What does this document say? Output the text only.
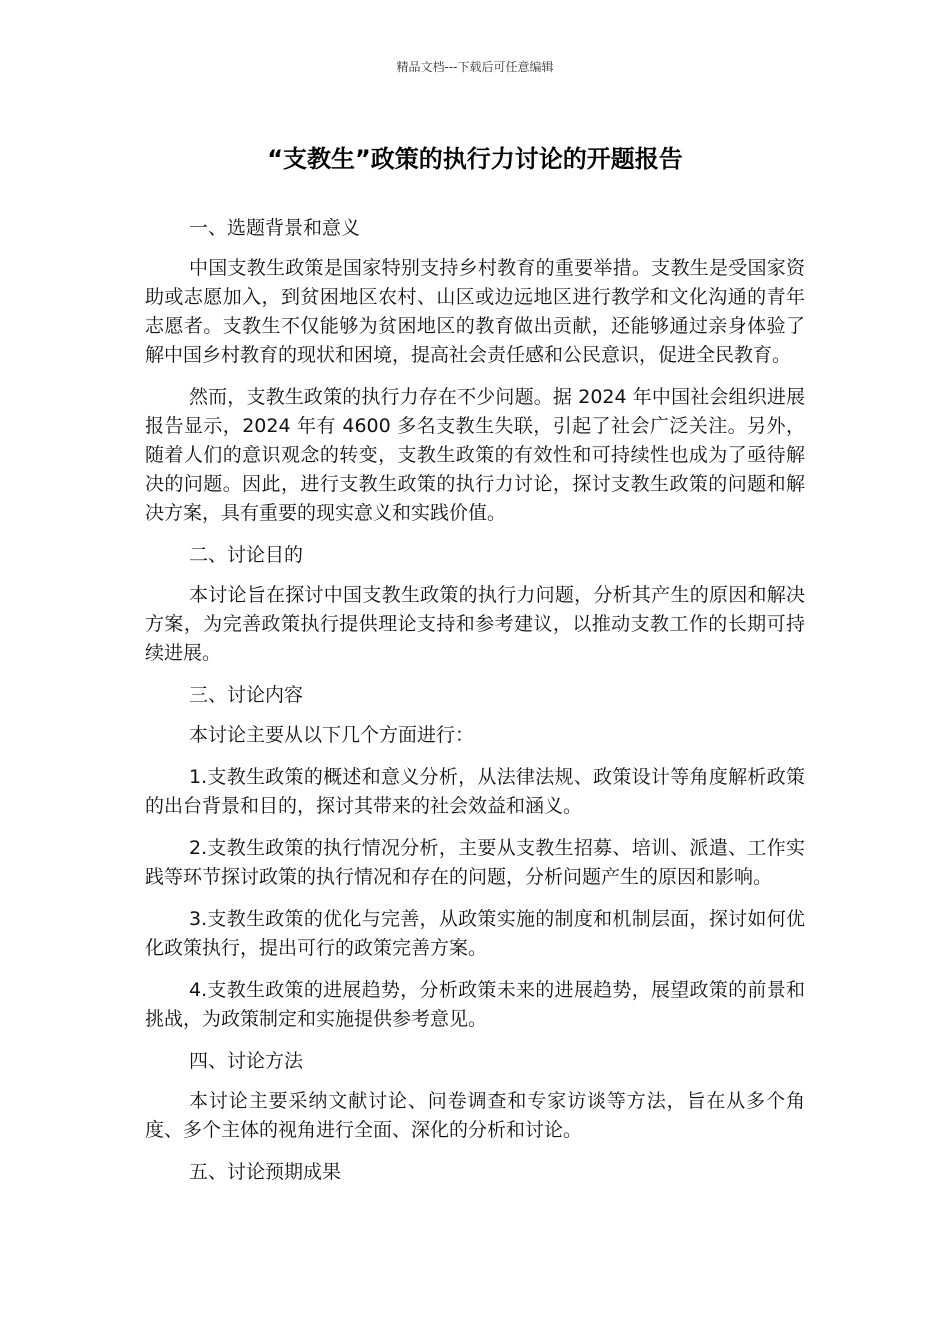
精品文档---下载后可任意编辑
“支教生”政策的执行力讨论的开题报告

一、选题背景和意义

中国支教生政策是国家特别支持乡村教育的重要举措。支教生是受国家资助或志愿加入，到贫困地区农村、山区或边远地区进行教学和文化沟通的青年志愿者。支教生不仅能够为贫困地区的教育做出贡献，还能够通过亲身体验了解中国乡村教育的现状和困境，提高社会责任感和公民意识，促进全民教育。

然而，支教生政策的执行力存在不少问题。据 2024 年中国社会组织进展报告显示，2024 年有 4600 多名支教生失联，引起了社会广泛关注。另外，随着人们的意识观念的转变，支教生政策的有效性和可持续性也成为了亟待解决的问题。因此，进行支教生政策的执行力讨论，探讨支教生政策的问题和解决方案，具有重要的现实意义和实践价值。

二、讨论目的

本讨论旨在探讨中国支教生政策的执行力问题，分析其产生的原因和解决方案，为完善政策执行提供理论支持和参考建议，以推动支教工作的长期可持续进展。

三、讨论内容

本讨论主要从以下几个方面进行：

1.支教生政策的概述和意义分析，从法律法规、政策设计等角度解析政策的出台背景和目的，探讨其带来的社会效益和涵义。

2.支教生政策的执行情况分析，主要从支教生招募、培训、派遣、工作实践等环节探讨政策的执行情况和存在的问题，分析问题产生的原因和影响。

3.支教生政策的优化与完善，从政策实施的制度和机制层面，探讨如何优化政策执行，提出可行的政策完善方案。

4.支教生政策的进展趋势，分析政策未来的进展趋势，展望政策的前景和挑战，为政策制定和实施提供参考意见。

四、讨论方法

本讨论主要采纳文献讨论、问卷调查和专家访谈等方法，旨在从多个角度、多个主体的视角进行全面、深化的分析和讨论。

五、讨论预期成果
